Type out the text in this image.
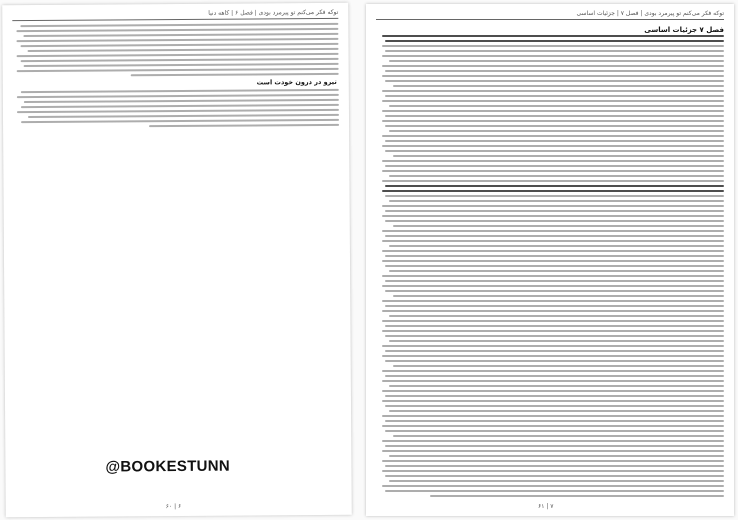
توکه فکر می‌کنم تو پیرمرد بودی | فصل ۶ | کاهه دنیا
تیرو در درون خودت است
@BOOKESTUNN
۶۰ | ۶
توکه فکر می‌کنم تو پیرمرد بودی | فصل ۷ | جزئیات اساسی
فصل ۷ جزئیات اساسی
۶۱ | ۷
